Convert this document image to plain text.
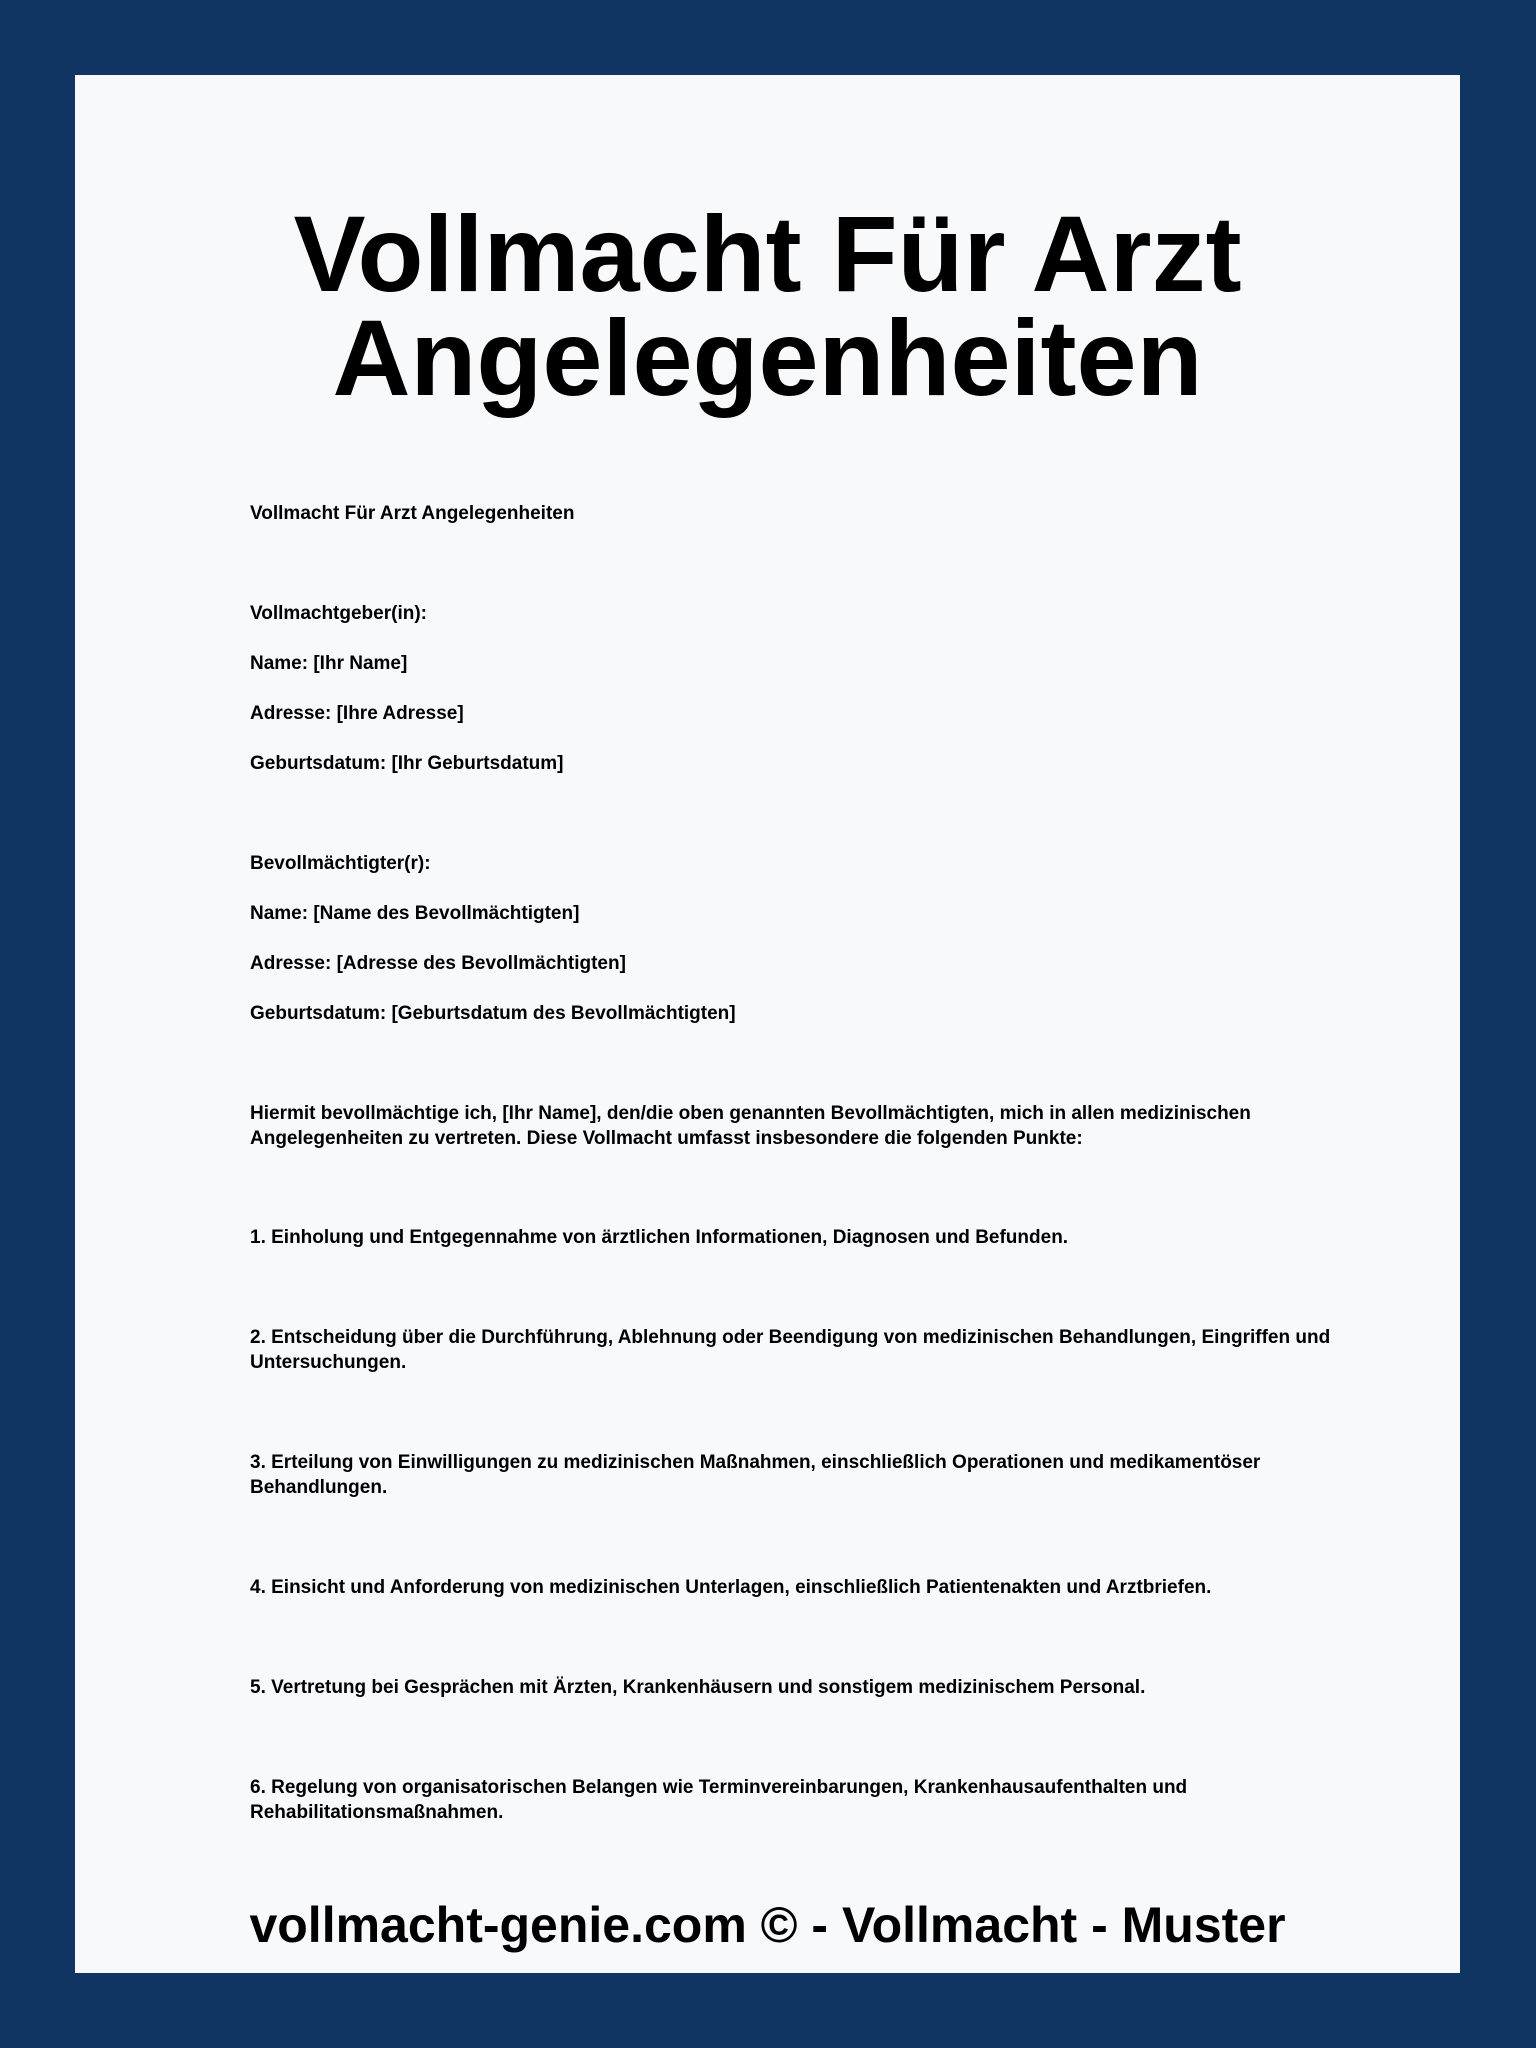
Vollmacht Für Arzt
Angelegenheiten

Vollmacht Für Arzt Angelegenheiten

Vollmachtgeber(in):

Name: [Ihr Name]

Adresse: [Ihre Adresse]

Geburtsdatum: [Ihr Geburtsdatum]

Bevollmächtigter(r):

Name: [Name des Bevollmächtigten]

Adresse: [Adresse des Bevollmächtigten]

Geburtsdatum: [Geburtsdatum des Bevollmächtigten]

Hiermit bevollmächtige ich, [Ihr Name], den/die oben genannten Bevollmächtigten, mich in allen medizinischen Angelegenheiten zu vertreten. Diese Vollmacht umfasst insbesondere die folgenden Punkte:

1. Einholung und Entgegennahme von ärztlichen Informationen, Diagnosen und Befunden.

2. Entscheidung über die Durchführung, Ablehnung oder Beendigung von medizinischen Behandlungen, Eingriffen und Untersuchungen.

3. Erteilung von Einwilligungen zu medizinischen Maßnahmen, einschließlich Operationen und medikamentöser Behandlungen.

4. Einsicht und Anforderung von medizinischen Unterlagen, einschließlich Patientenakten und Arztbriefen.

5. Vertretung bei Gesprächen mit Ärzten, Krankenhäusern und sonstigem medizinischem Personal.

6. Regelung von organisatorischen Belangen wie Terminvereinbarungen, Krankenhausaufenthalten und Rehabilitationsmaßnahmen.

vollmacht-genie.com © - Vollmacht - Muster
